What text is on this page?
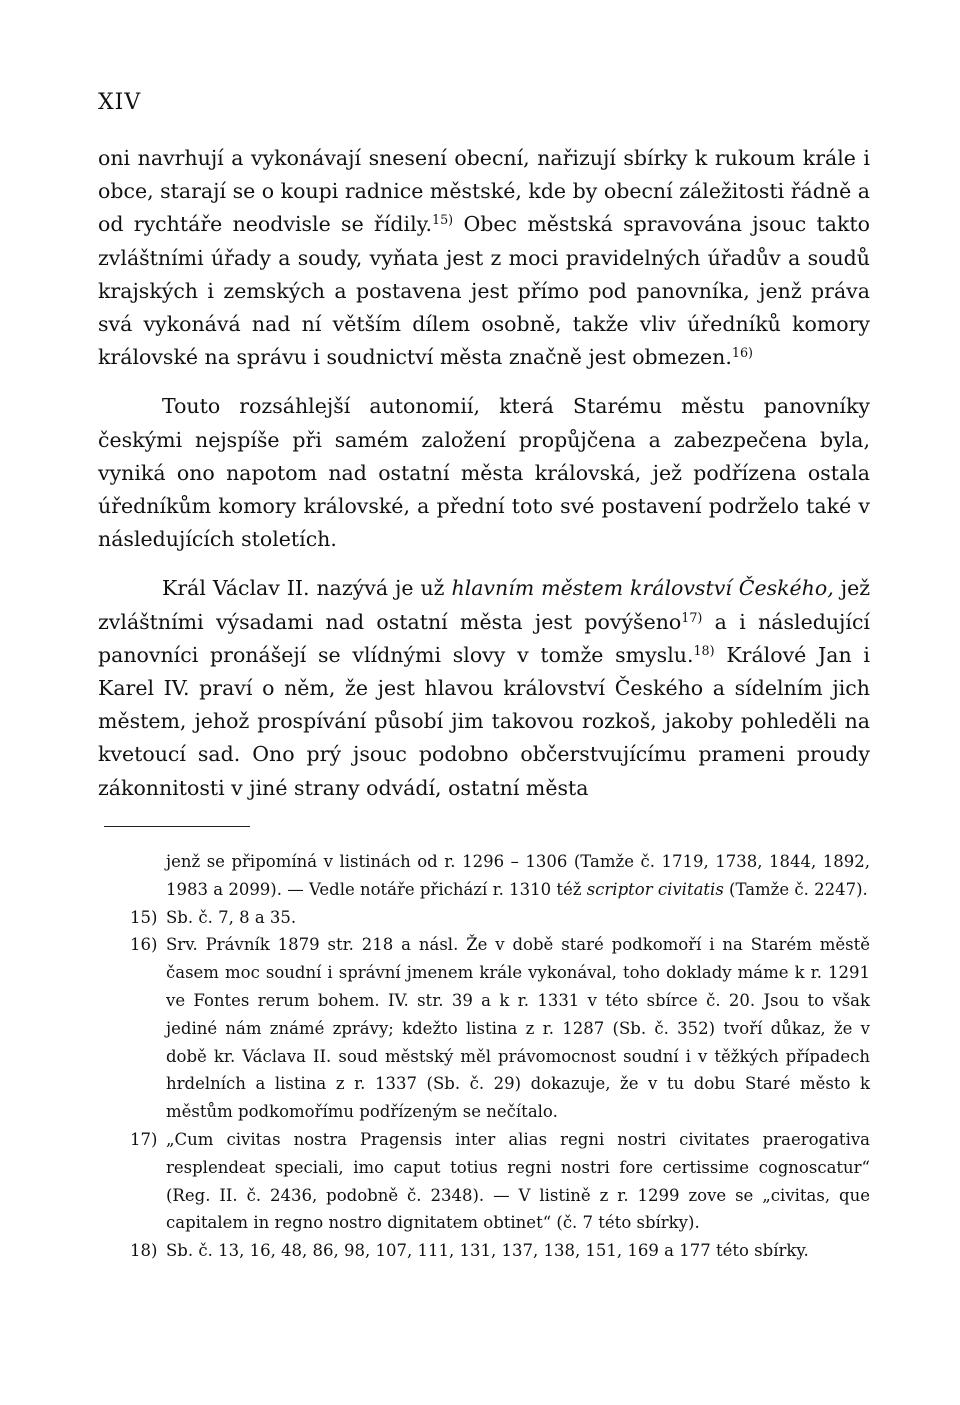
XIV

oni navrhují a vykonávají snesení obecní, nařizují sbírky k rukoum krále i obce, starají se o koupi radnice městské, kde by obecní záležitosti řádně a od rychtáře neodvisle se řídily.$^{15)}$ Obec městská spravována jsouc takto zvláštními úřady a soudy, vyňata jest z moci pravidelných úřadův a soudů krajských i zemských a postavena jest přímo pod panovníka, jenž práva svá vykonává nad ní větším dílem osobně, takže vliv úředníků komory královské na správu i soudnictví města značně jest obmezen.$^{16)}$

Touto rozsáhlejší autonomií, která Starému městu panovníky českými nejspíše při samém založení propůjčena a zabezpečena byla, vyniká ono napotom nad ostatní města královská, jež podřízena ostala úředníkům komory královské, a přední toto své postavení podrželo také v následujících stoletích.

Král Václav II. nazývá je už hlavním městem království Českého, jež zvláštními výsadami nad ostatní města jest povýšeno$^{17)}$ a i následující panovníci pronášejí se vlídnými slovy v tomže smyslu.$^{18)}$ Králové Jan i Karel IV. praví o něm, že jest hlavou království Českého a sídelním jich městem, jehož prospívání působí jim takovou rozkoš, jakoby pohleděli na kvetoucí sad. Ono prý jsouc podobno občerstvujícímu prameni proudy zákonnitosti v jiné strany odvádí, ostatní města

jenž se připomíná v listinách od r. 1296 – 1306 (Tamže č. 1719, 1738, 1844, 1892, 1983 a 2099). — Vedle notáře přichází r. 1310 též scriptor civitatis (Tamže č. 2247).
15) Sb. č. 7, 8 a 35.
16) Srv. Právník 1879 str. 218 a násl. Že v době staré podkomoří i na Starém městě časem moc soudní i správní jmenem krále vykonával, toho doklady máme k r. 1291 ve Fontes rerum bohem. IV. str. 39 a k r. 1331 v této sbírce č. 20. Jsou to však jediné nám známé zprávy; kdežto listina z r. 1287 (Sb. č. 352) tvoří důkaz, že v době kr. Václava II. soud městský měl právomocnost soudní i v těžkých případech hrdelních a listina z r. 1337 (Sb. č. 29) dokazuje, že v tu dobu Staré město k městům podkomořímu podřízeným se nečítalo.
17) „Cum civitas nostra Pragensis inter alias regni nostri civitates praerogativa resplendeat speciali, imo caput totius regni nostri fore certissime cognoscatur“ (Reg. II. č. 2436, podobně č. 2348). — V listině z r. 1299 zove se „civitas, que capitalem in regno nostro dignitatem obtinet“ (č. 7 této sbírky).
18) Sb. č. 13, 16, 48, 86, 98, 107, 111, 131, 137, 138, 151, 169 a 177 této sbírky.
